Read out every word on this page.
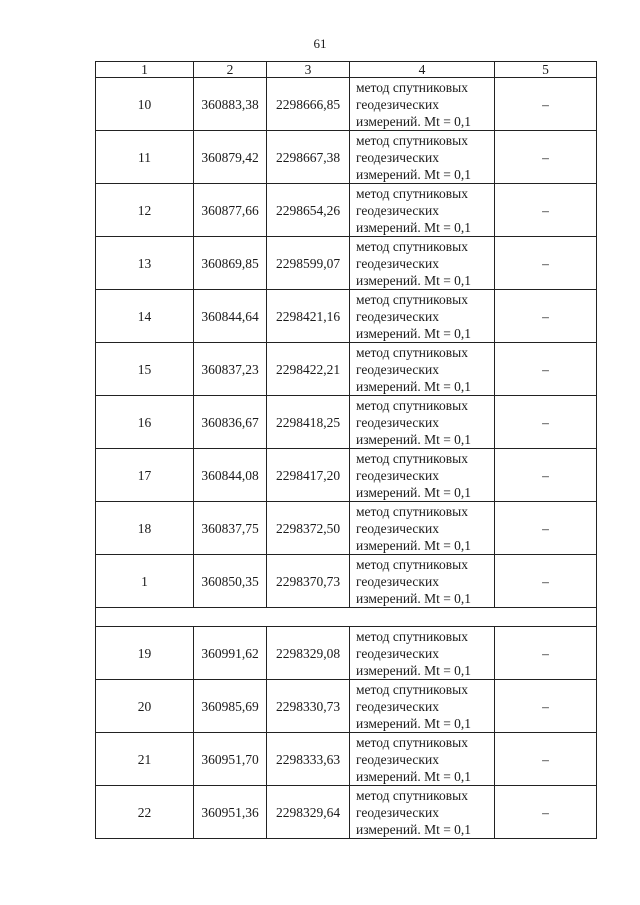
61
1	2	3	4	5
10	360883,38	2298666,85	метод спутниковых
геодезических
измерений. Mt = 0,1	–
11	360879,42	2298667,38	метод спутниковых
геодезических
измерений. Mt = 0,1	–
12	360877,66	2298654,26	метод спутниковых
геодезических
измерений. Mt = 0,1	–
13	360869,85	2298599,07	метод спутниковых
геодезических
измерений. Mt = 0,1	–
14	360844,64	2298421,16	метод спутниковых
геодезических
измерений. Mt = 0,1	–
15	360837,23	2298422,21	метод спутниковых
геодезических
измерений. Mt = 0,1	–
16	360836,67	2298418,25	метод спутниковых
геодезических
измерений. Mt = 0,1	–
17	360844,08	2298417,20	метод спутниковых
геодезических
измерений. Mt = 0,1	–
18	360837,75	2298372,50	метод спутниковых
геодезических
измерений. Mt = 0,1	–
1	360850,35	2298370,73	метод спутниковых
геодезических
измерений. Mt = 0,1	–

19	360991,62	2298329,08	метод спутниковых
геодезических
измерений. Mt = 0,1	–
20	360985,69	2298330,73	метод спутниковых
геодезических
измерений. Mt = 0,1	–
21	360951,70	2298333,63	метод спутниковых
геодезических
измерений. Mt = 0,1	–
22	360951,36	2298329,64	метод спутниковых
геодезических
измерений. Mt = 0,1	–
